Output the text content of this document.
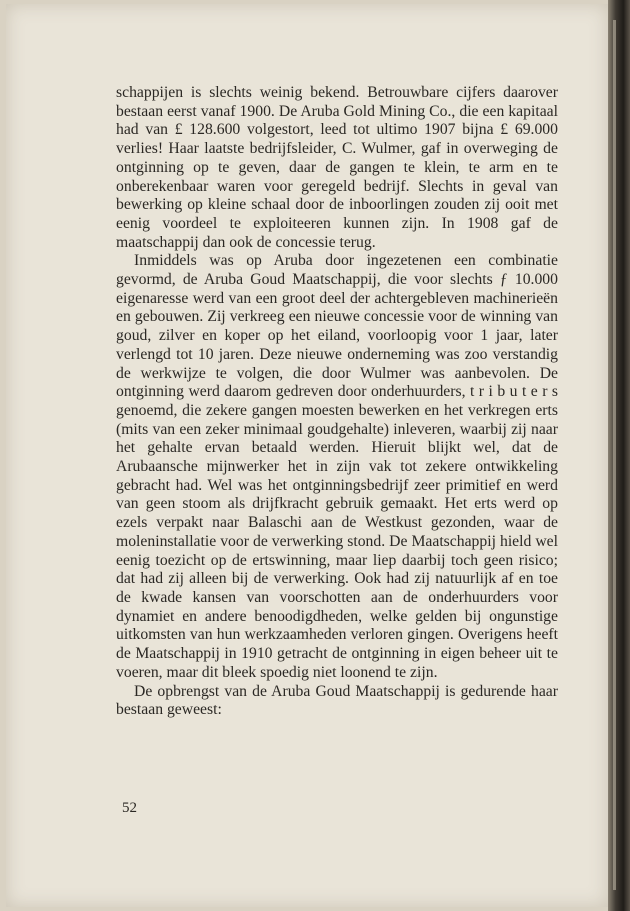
schappijen is slechts weinig bekend. Betrouwbare cijfers daarover bestaan eerst vanaf 1900. De Aruba Gold Mining Co., die een kapitaal had van £ 128.600 volgestort, leed tot ultimo 1907 bijna £ 69.000 verlies! Haar laatste bedrijfsleider, C. Wulmer, gaf in overweging de ontginning op te geven, daar de gangen te klein, te arm en te onberekenbaar waren voor geregeld bedrijf. Slechts in geval van bewerking op kleine schaal door de inboorlingen zouden zij ooit met eenig voordeel te exploiteeren kunnen zijn. In 1908 gaf de maatschappij dan ook de concessie terug.

Inmiddels was op Aruba door ingezetenen een combinatie gevormd, de Aruba Goud Maatschappij, die voor slechts ƒ 10.000 eigenaresse werd van een groot deel der achtergebleven machinerieën en gebouwen. Zij verkreeg een nieuwe concessie voor de winning van goud, zilver en koper op het eiland, voorloopig voor 1 jaar, later verlengd tot 10 jaren. Deze nieuwe onderneming was zoo verstandig de werkwijze te volgen, die door Wulmer was aanbevolen. De ontginning werd daarom gedreven door onderhuurders, t r i b u t e r s genoemd, die zekere gangen moesten bewerken en het verkregen erts (mits van een zeker minimaal goudgehalte) inleveren, waarbij zij naar het gehalte ervan betaald werden. Hieruit blijkt wel, dat de Arubaansche mijnwerker het in zijn vak tot zekere ontwikkeling gebracht had. Wel was het ontginningsbedrijf zeer primitief en werd van geen stoom als drijfkracht gebruik gemaakt. Het erts werd op ezels verpakt naar Balaschi aan de Westkust gezonden, waar de moleninstallatie voor de verwerking stond. De Maatschappij hield wel eenig toezicht op de ertswinning, maar liep daarbij toch geen risico; dat had zij alleen bij de verwerking. Ook had zij natuurlijk af en toe de kwade kansen van voorschotten aan de onderhuurders voor dynamiet en andere benoodigdheden, welke gelden bij ongunstige uitkomsten van hun werkzaamheden verloren gingen. Overigens heeft de Maatschappij in 1910 getracht de ontginning in eigen beheer uit te voeren, maar dit bleek spoedig niet loonend te zijn.

De opbrengst van de Aruba Goud Maatschappij is gedurende haar bestaan geweest:

52
